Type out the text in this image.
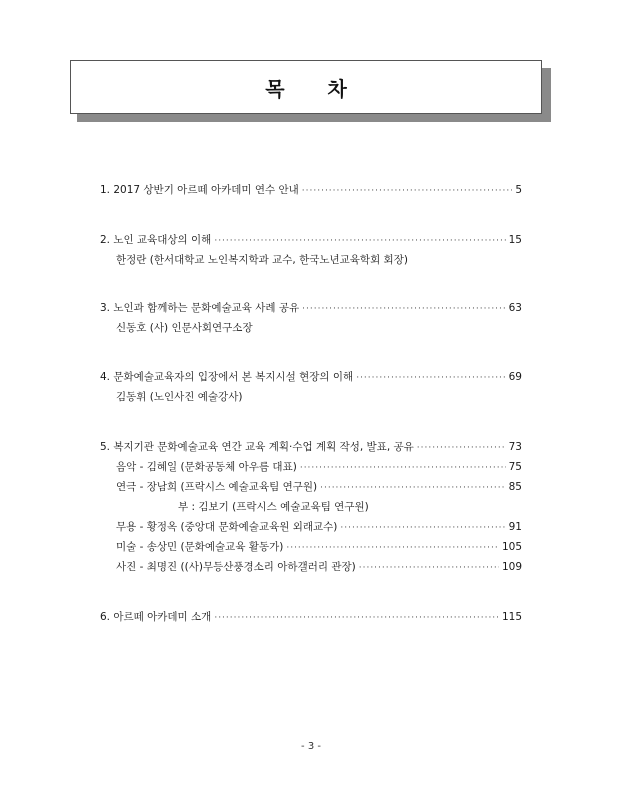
목 차
1. 2017 상반기 아르떼 아카데미 연수 안내 ·····	5
2. 노인 교육대상의 이해 ·····	15
한정란 (한서대학교 노인복지학과 교수, 한국노년교육학회 회장)
3. 노인과 함께하는 문화예술교육 사례 공유 ·····	63
신동호 (사) 인문사회연구소장
4. 문화예술교육자의 입장에서 본 복지시설 현장의 이해 ·····	69
김동휘 (노인사진 예술강사)
5. 복지기관 문화예술교육 연간 교육 계획·수업 계획 작성, 발표, 공유 ·····	73
음악 - 김혜일 (문화공동체 아우름 대표) ·····	75
연극 - 장남희 (프락시스 예술교육팀 연구원) ·····	85
부 : 김보기 (프락시스 예술교육팀 연구원)
무용 - 황정옥 (중앙대 문화예술교육원 외래교수) ·····	91
미술 - 송상민 (문화예술교육 활동가) ·····	105
사진 - 최명진 ((사)무등산풍경소리 아하갤러리 관장) ·····	109
6. 아르떼 아카데미 소개 ·····	115
- 3 -
